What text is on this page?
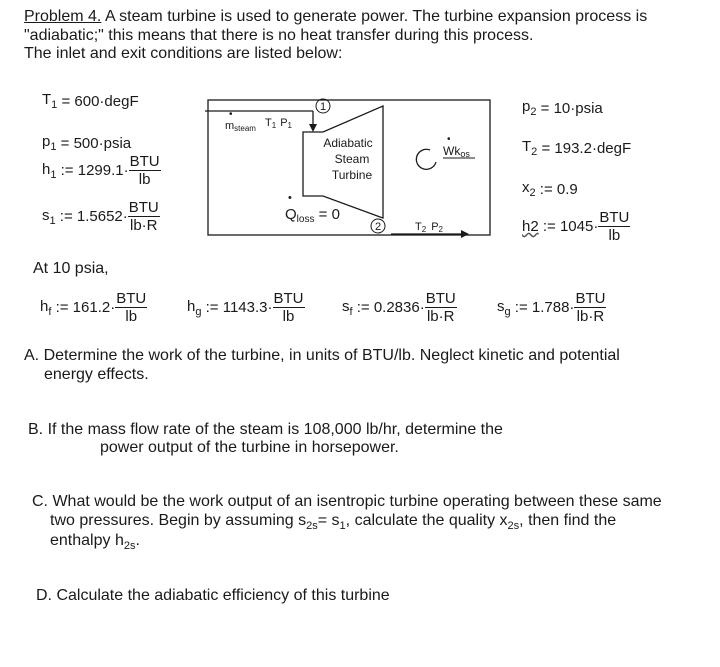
Problem 4. A steam turbine is used to generate power. The turbine expansion process is
"adiabatic;" this means that there is no heat transfer during this process.
The inlet and exit conditions are listed below:
$T_1$ = 600·degF
$p_1$ = 500·psia
$h_1$ := $1299.1\cdot \frac{\text{BTU}}{lb}$
$s_1$ := $1.5652\cdot \frac{\text{BTU}}{lb\cdot R}$
1
msteam
•
T1 P1
Adiabatic
Steam
Turbine
Wkos
•
$Q_{loss} = 0$
•
2	T2 P2
$p_2$ = 10·psia
$T_2$ = 193.2·degF
$x_2$ := 0.9
h2 := $1045\cdot \frac{\text{BTU}}{lb}$
At 10 psia,
$h_f$ := $161.2\cdot \frac{\text{BTU}}{lb}$	$h_g$ := $1143.3\cdot \frac{\text{BTU}}{lb}$	$s_f$ := $0.2836\cdot \frac{\text{BTU}}{lb\cdot R}$	$s_g$ := $1.788\cdot \frac{\text{BTU}}{lb\cdot R}$
A. Determine the work of the turbine, in units of BTU/lb. Neglect kinetic and potential
energy effects.
B. If the mass flow rate of the steam is 108,000 lb/hr, determine the
power output of the turbine in horsepower.
C. What would be the work output of an isentropic turbine operating between these same
two pressures. Begin by assuming $s_{2s}= s_1$, calculate the quality $x_{2s}$, then find the
enthalpy $h_{2s}$.
D. Calculate the adiabatic efficiency of this turbine
